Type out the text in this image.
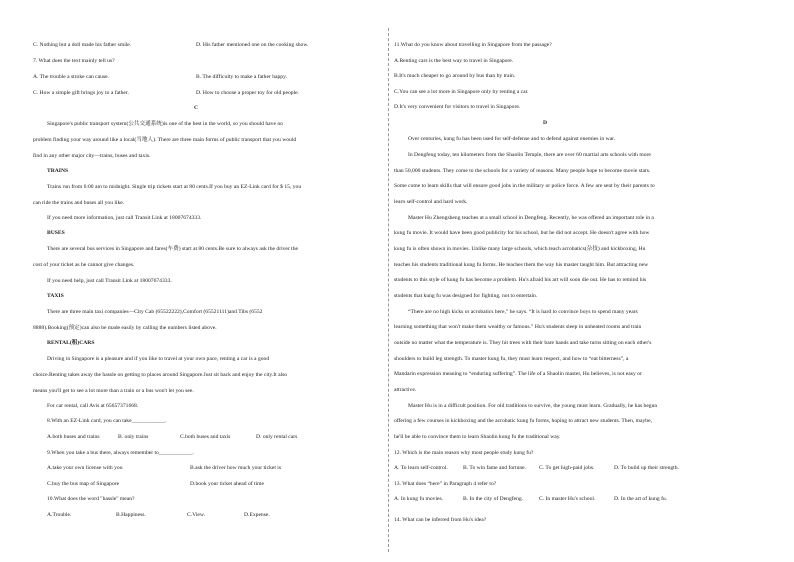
C. Nothing but a doll made his father smile.	D. His father mentioned one on the cooking show.
7. What does the text mainly tell us?
A. The trouble a stroke can cause.	B. The difficulty to make a father happy.
C. How a simple gift brings joy to a father.	D. How to choose a proper toy for old people.
C
Singapore's public transport system(公共交通系统)is one of the best in the world, so you should have no
problem finding your way around like a local(当地人). There are three main forms of public transport that you would
find in any other major city—trains, buses and taxis.
TRAINS
Trains run from 6:00 am to midnight. Single trip tickets start at 80 cents.If you buy an EZ-Link card for $ 15, you
can ride the trains and buses all you like.
If you need more information, just call Transit Link at 18007674333.
BUSES
There are several bus services in Singapore and fares(车费) start at 80 cents.Be sure to always ask the driver the
cost of your ticket as he cannot give changes.
If you need help, just call Transit Link at 18007674333.
TAXIS
There are three main taxi companies—City Cab (65522222),Comfort (65521111)and Tibs (6552
8888).Booking(预定)can also be made easily by calling the numbers listed above.
RENTAL(租)CARS
Driving in Singapore is a pleasure and if you like to travel at your own pace, renting a car is a good
choice.Renting takes away the hassle on getting to places around Singapore.Just sit back and enjoy the city.It also
means you'll get to see a lot more than a train or a bus won't let you see.
For car rental, call Avis at 65657371668.
8.With an EZ-Link card, you can take____________.
A.both buses and trains	B. only trains	C.both buses and taxis	D. only rental cars
9.When you take a bus there, always remember to____________.
A.take your own license with you	B.ask the driver how much your ticket is
C.buy the bus map of Singapore	D.book your ticket ahead of time
10.What does the word "hassle" mean?
A.Trouble.	B.Happiness.	C.View.	D.Expense.
11.What do you know about travelling in Singapore from the passage?
A.Renting cars is the best way to travel in Singapore.
B.It's much cheaper to go around by bus than by train.
C.You can see a lot more in Singapore only by renting a car.
D.It's very convenient for visitors to travel in Singapore.
D
Over centuries, kung fu has been used for self-defense and to defend against enemies in war.
In Dengfeng today, ten kilometers from the Shaolin Temple, there are over 60 martial arts schools with more
than 50,000 students. They come to the schools for a variety of reasons. Many people hope to become movie stars.
Some come to learn skills that will ensure good jobs in the military or police force. A few are sent by their parents to
learn self-control and hard work.
Master Hu Zhengsheng teaches at a small school in Dengfeng. Recently, he was offered an important role in a
kung fu movie. It would have been good publicity for his school, but he did not accept. He doesn't agree with how
kung fu is often shown in movies. Unlike many large schools, which teach acrobatics(杂技) and kickboxing, Hu
teaches his students traditional kung fu forms. He teaches them the way his master taught him. But attracting new
students to this style of kung fu has become a problem. Hu's afraid his art will soon die out. He has to remind his
students that kung fu was designed for fighting, not to entertain.
“There are no high kicks or acrobatics here,” he says. “It is hard to convince boys to spend many years
learning something that won't make them wealthy or famous.” Hu's students sleep in unheated rooms and train
outside no matter what the temperature is. They hit trees with their bare hands and take turns sitting on each other's
shoulders to build leg strength. To master kung fu, they must learn respect, and how to “eat bitterness”, a
Mandarin expression meaning to “enduring suffering”. The life of a Shaolin master, Hu believes, is not easy or
attractive.
Master Hu is in a difficult position. For old traditions to survive, the young must learn. Gradually, he has begun
offering a few courses in kickboxing and the acrobatic kung fu forms, hoping to attract new students. Then, maybe,
he'll be able to convince them to learn Shaolin kung fu the traditional way.
12. Which is the main reason why most people study kung fu?
A. To learn self-control.	B. To win fame and fortune. C. To get high-paid jobs.	D. To build up their strength.
13. What does “here” in Paragraph 4 refer to?
A. In kung fu movies.	B. In the city of Dengfeng.	C. In master Hu's school.	D. In the art of kung fu.
14. What can be inferred from Hu's idea?
